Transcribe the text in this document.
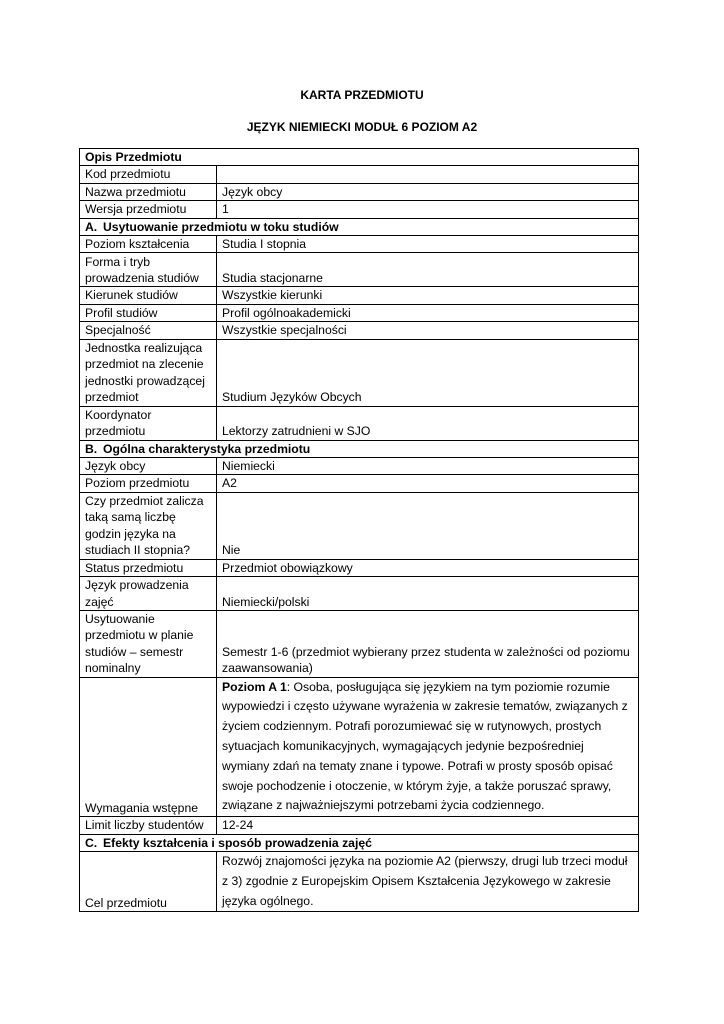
KARTA PRZEDMIOTU
JĘZYK NIEMIECKI MODUŁ 6 POZIOM A2
Opis Przedmiotu	
Kod przedmiotu	
Nazwa przedmiotu	Język obcy
Wersja przedmiotu	1
A. Usytuowanie przedmiotu w toku studiów	
Poziom kształcenia	Studia I stopnia
Forma i tryb prowadzenia studiów	Studia stacjonarne
Kierunek studiów	Wszystkie kierunki
Profil studiów	Profil ogólnoakademicki
Specjalność	Wszystkie specjalności
Jednostka realizująca przedmiot na zlecenie jednostki prowadzącej przedmiot	Studium Języków Obcych
Koordynator przedmiotu	Lektorzy zatrudnieni w SJO
B. Ogólna charakterystyka przedmiotu	
Język obcy	Niemiecki
Poziom przedmiotu	A2
Czy przedmiot zalicza taką samą liczbę godzin języka na studiach II stopnia?	Nie
Status przedmiotu	Przedmiot obowiązkowy
Język prowadzenia zajęć	Niemiecki/polski
Usytuowanie przedmiotu w planie studiów – semestr nominalny	Semestr 1-6 (przedmiot wybierany przez studenta w zależności od poziomu zaawansowania)
Wymagania wstępne	Poziom A 1: Osoba, posługująca się językiem na tym poziomie rozumie wypowiedzi i często używane wyrażenia w zakresie tematów, związanych z życiem codziennym. Potrafi porozumiewać się w rutynowych, prostych sytuacjach komunikacyjnych, wymagających jedynie bezpośredniej wymiany zdań na tematy znane i typowe. Potrafi w prosty sposób opisać swoje pochodzenie i otoczenie, w którym żyje, a także poruszać sprawy, związane z najważniejszymi potrzebami życia codziennego.
Limit liczby studentów	12-24
C. Efekty kształcenia i sposób prowadzenia zajęć	
Cel przedmiotu	Rozwój znajomości języka na poziomie A2 (pierwszy, drugi lub trzeci moduł z 3) zgodnie z Europejskim Opisem Kształcenia Językowego w zakresie języka ogólnego.
